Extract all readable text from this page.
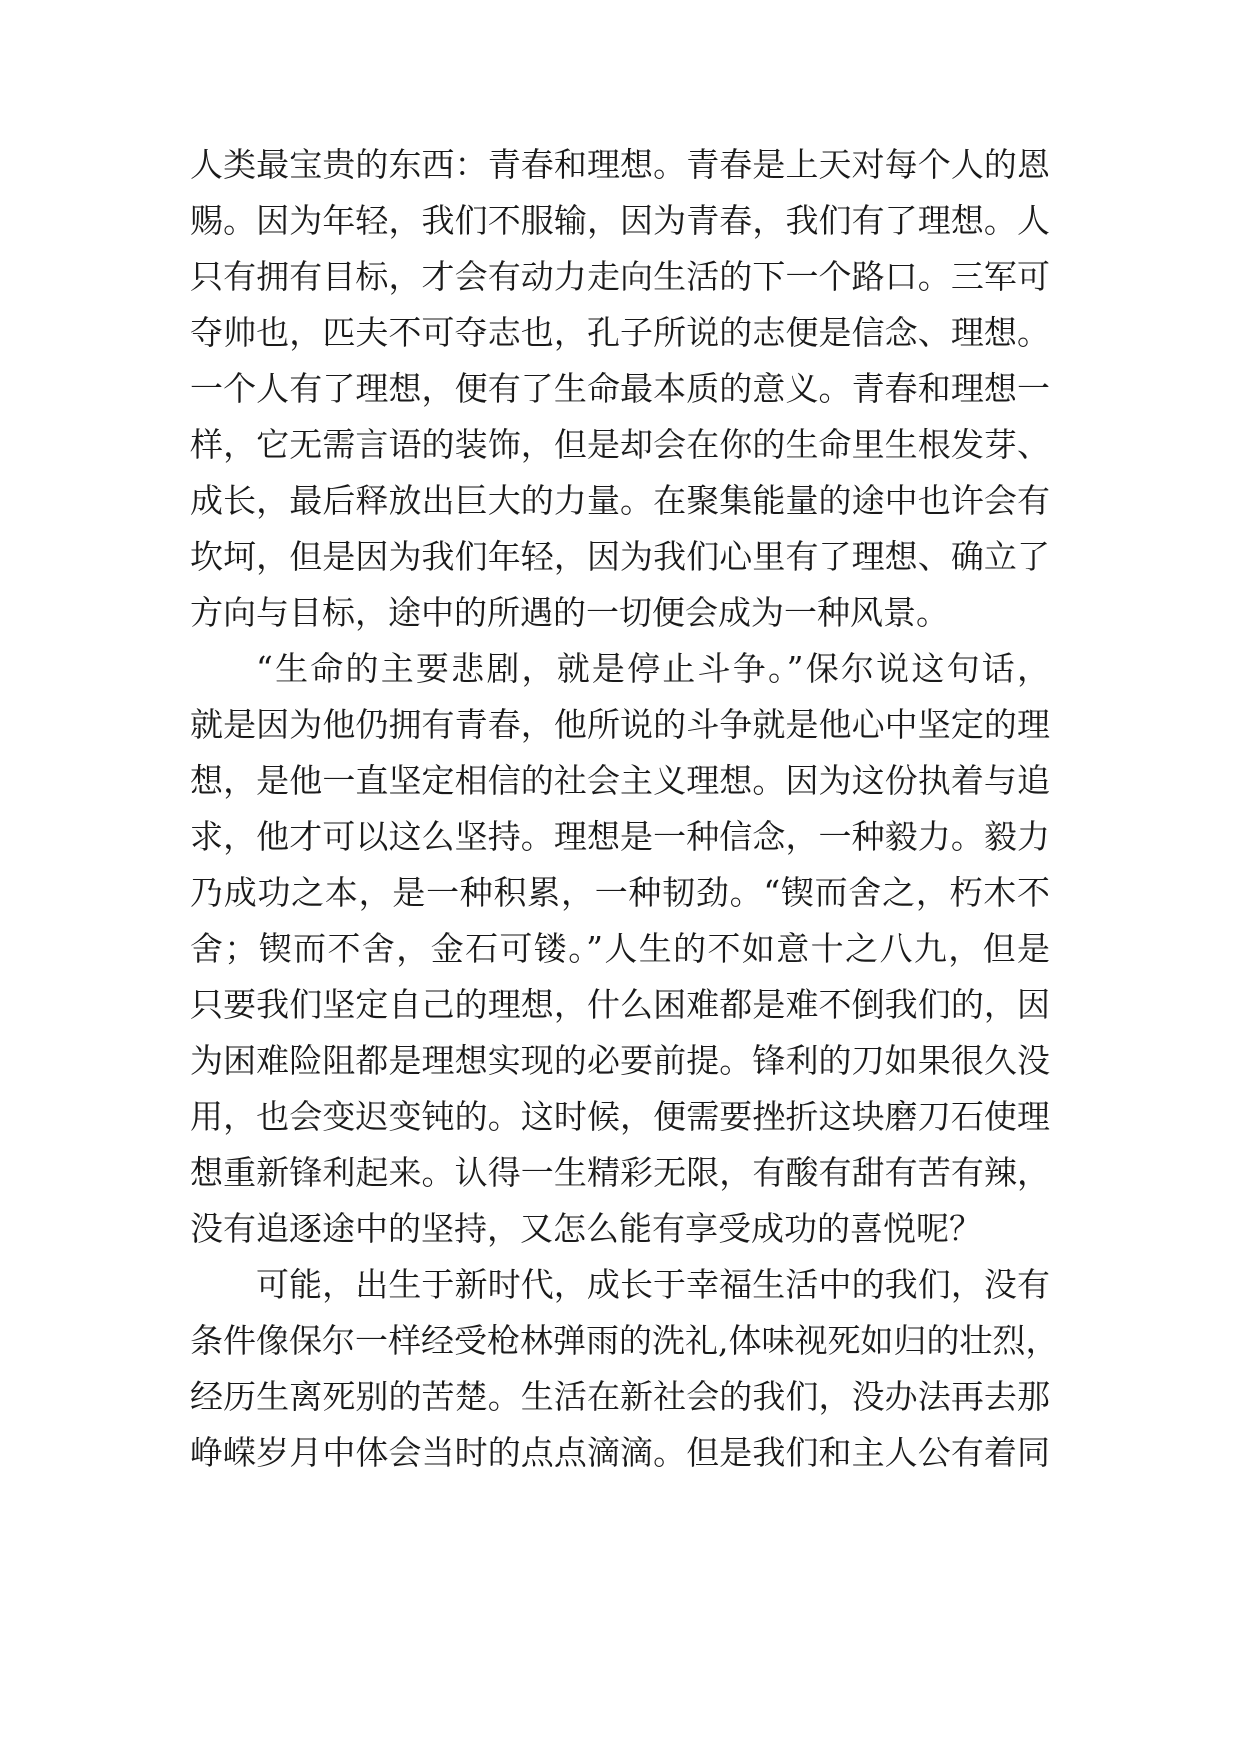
人类最宝贵的东西：青春和理想。青春是上天对每个人的恩
赐。因为年轻，我们不服输，因为青春，我们有了理想。人
只有拥有目标，才会有动力走向生活的下一个路口。三军可
夺帅也，匹夫不可夺志也，孔子所说的志便是信念、理想。
一个人有了理想，便有了生命最本质的意义。青春和理想一
样，它无需言语的装饰，但是却会在你的生命里生根发芽、
成长，最后释放出巨大的力量。在聚集能量的途中也许会有
坎坷，但是因为我们年轻，因为我们心里有了理想、确立了
方向与目标，途中的所遇的一切便会成为一种风景。
“生命的主要悲剧，就是停止斗争。”保尔说这句话，
就是因为他仍拥有青春，他所说的斗争就是他心中坚定的理
想，是他一直坚定相信的社会主义理想。因为这份执着与追
求，他才可以这么坚持。理想是一种信念，一种毅力。毅力
乃成功之本，是一种积累，一种韧劲。“锲而舍之，朽木不
舍；锲而不舍，金石可镂。”人生的不如意十之八九，但是
只要我们坚定自己的理想，什么困难都是难不倒我们的，因
为困难险阻都是理想实现的必要前提。锋利的刀如果很久没
用，也会变迟变钝的。这时候，便需要挫折这块磨刀石使理
想重新锋利起来。认得一生精彩无限，有酸有甜有苦有辣，
没有追逐途中的坚持，又怎么能有享受成功的喜悦呢？
可能，出生于新时代，成长于幸福生活中的我们，没有
条件像保尔一样经受枪林弹雨的洗礼,体味视死如归的壮烈，
经历生离死别的苦楚。生活在新社会的我们，没办法再去那
峥嵘岁月中体会当时的点点滴滴。但是我们和主人公有着同
